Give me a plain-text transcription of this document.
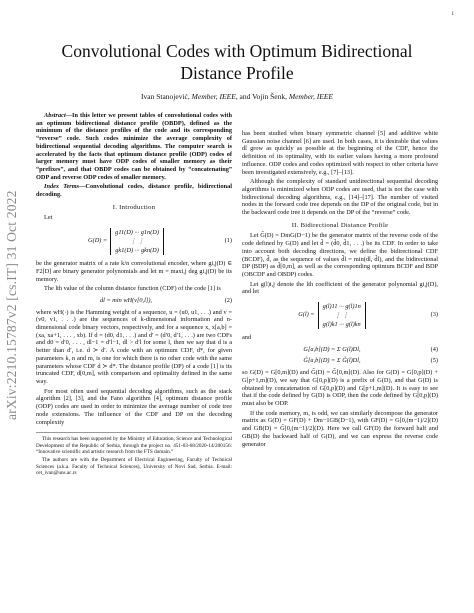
1
arXiv:2210.15787v2 [cs.IT] 31 Oct 2022
Convolutional Codes with Optimum Bidirectional
Distance Profile
Ivan Stanojević, Member, IEEE, and Vojin Šenk, Member, IEEE

Abstract—In this letter we present tables of convolutional codes with an optimum bidirectional distance profile (OBDP), defined as the minimum of the distance profiles of the code and its corresponding “reverse” code. Such codes minimize the average complexity of bidirectional sequential decoding algorithms. The computer search is accelerated by the facts that optimum distance profile (ODP) codes of larger memory must have ODP codes of smaller memory as their “prefixes”, and that OBDP codes can be obtained by “concatenating” ODP and reverse ODP codes of smaller memory.

Index Terms—Convolutional codes, distance profile, bidirectional decoding.

I. Introduction

Let

G(D) =
g11(D) ··· g1n(D)
⋮ ⋮
gk1(D) ··· gkn(D)
(1)

be the generator matrix of a rate k/n convolutional encoder, where gi,j(D) ∈ F2[D] are binary generator polynomials and let m = maxi,j deg gi,j(D) be its memory.

The lth value of the column distance function (CDF) of the code [1] is

dl = min wH(v[0,l]),	(2)

where wH(·) is the Hamming weight of a sequence, u = (u0, u1, . . .) and v = (v0, v1, . . .) are the sequences of k-dimensional information and n-dimensional code binary vectors, respectively, and for a sequence x, x[a,b] = (xa, xa+1, . . . , xb). If d = (d0, d1, . . .) and d′ = (d′0, d′1, . . .) are two CDFs and d0 = d′0, . . . , dl−1 = d′l−1, dl > d′l for some l, then we say that d is a better than d′, i.e. d ≻ d′. A code with an optimum CDF, d*, for given parameters k, n and m, is one for which there is no other code with the same parameters whose CDF d ≻ d*. The distance profile (DP) of a code [1] is its truncated CDF, d[0,m], with comparison and optimality defined in the same way.

For most often used sequential decoding algorithms, such as the stack algorithm [2], [3], and the Fano algorithm [4], optimum distance profile (ODP) codes are used in order to minimize the average number of code tree node extensions. The influence of the CDF and DP on the decoding complexity

This research has been supported by the Ministry of Education, Science and Technological Development of the Republic of Serbia, through the project no. 451-03-68/2020-14/200156: “Innovative scientific and artistic research from the FTS domain.”

The authors are with the Department of Electrical Engineering, Faculty of Technical Sciences (a.k.a. Faculty of Technical Sciences), University of Novi Sad, Serbia. E-mail: cet_ivan@uns.ac.rs

has been studied when binary symmetric channel [5] and additive white Gaussian noise channel [6] are used. In both cases, it is desirable that values dl grow as quickly as possible at the beginning of the CDF, hence the definition of its optimality, with its earlier values having a more profound influence. ODP codes and codes optimized with respect to other criteria have been investigated extensively, e.g., [7]–[13].

Although the complexity of standard unidirectional sequential decoding algorithms is minimized when ODP codes are used, that is not the case with bidirectional decoding algorithms, e.g., [14]–[17]. The number of visited nodes in the forward code tree depends on the DP of the original code, but in the backward code tree it depends on the DP of the “reverse” code.

II. Bidirectional Distance Profile

Let G̃(D) = DmG(D−1) be the generator matrix of the reverse code of the code defined by G(D) and let d̃ = (d̃0, d̃1, . . .) be its CDF. In order to take into account both decoding directions, we define the bidirectional CDF (BCDF), d̂, as the sequence of values d̂l = min(dl, d̃l), and the bidirectional DP (BDP) as d̂[0,m], as well as the corresponding optimum BCDF and BDP (OBCDF and OBDP) codes.

Let g(l)i,j denote the lth coefficient of the generator polynomial gi,j(D), and let

G(l) =
g(l)11 ··· g(l)1n
⋮ ⋮
g(l)k1 ··· g(l)kn
(3)

and

G[a,b](D) = Σ G(l)Dl,	(4)
G̃[a,b](D) = Σ G̃(l)Dl,	(5)

so G(D) = G[0,m](D) and G̃(D) = G̃[0,m](D). Also for G(D) = G[0,p](D) + G[p+1,m](D), we say that G[0,p](D) is a prefix of G(D), and that G(D) is obtained by concatenation of G[0,p](D) and G[p+1,m](D). It is easy to see that if the code defined by G(D) is ODP, then the code defined by G[0,p](D) must also be ODP.

If the code memory, m, is odd, we can similarly decompose the generator matrix as G(D) = GF(D) + Dm−1GB(D−1), with GF(D) = G[0,(m−1)/2](D) and GB(D) = G̃[0,(m−1)/2](D). Here we call GF(D) the forward half and GB(D) the backward half of G(D), and we can express the reverse code generator
